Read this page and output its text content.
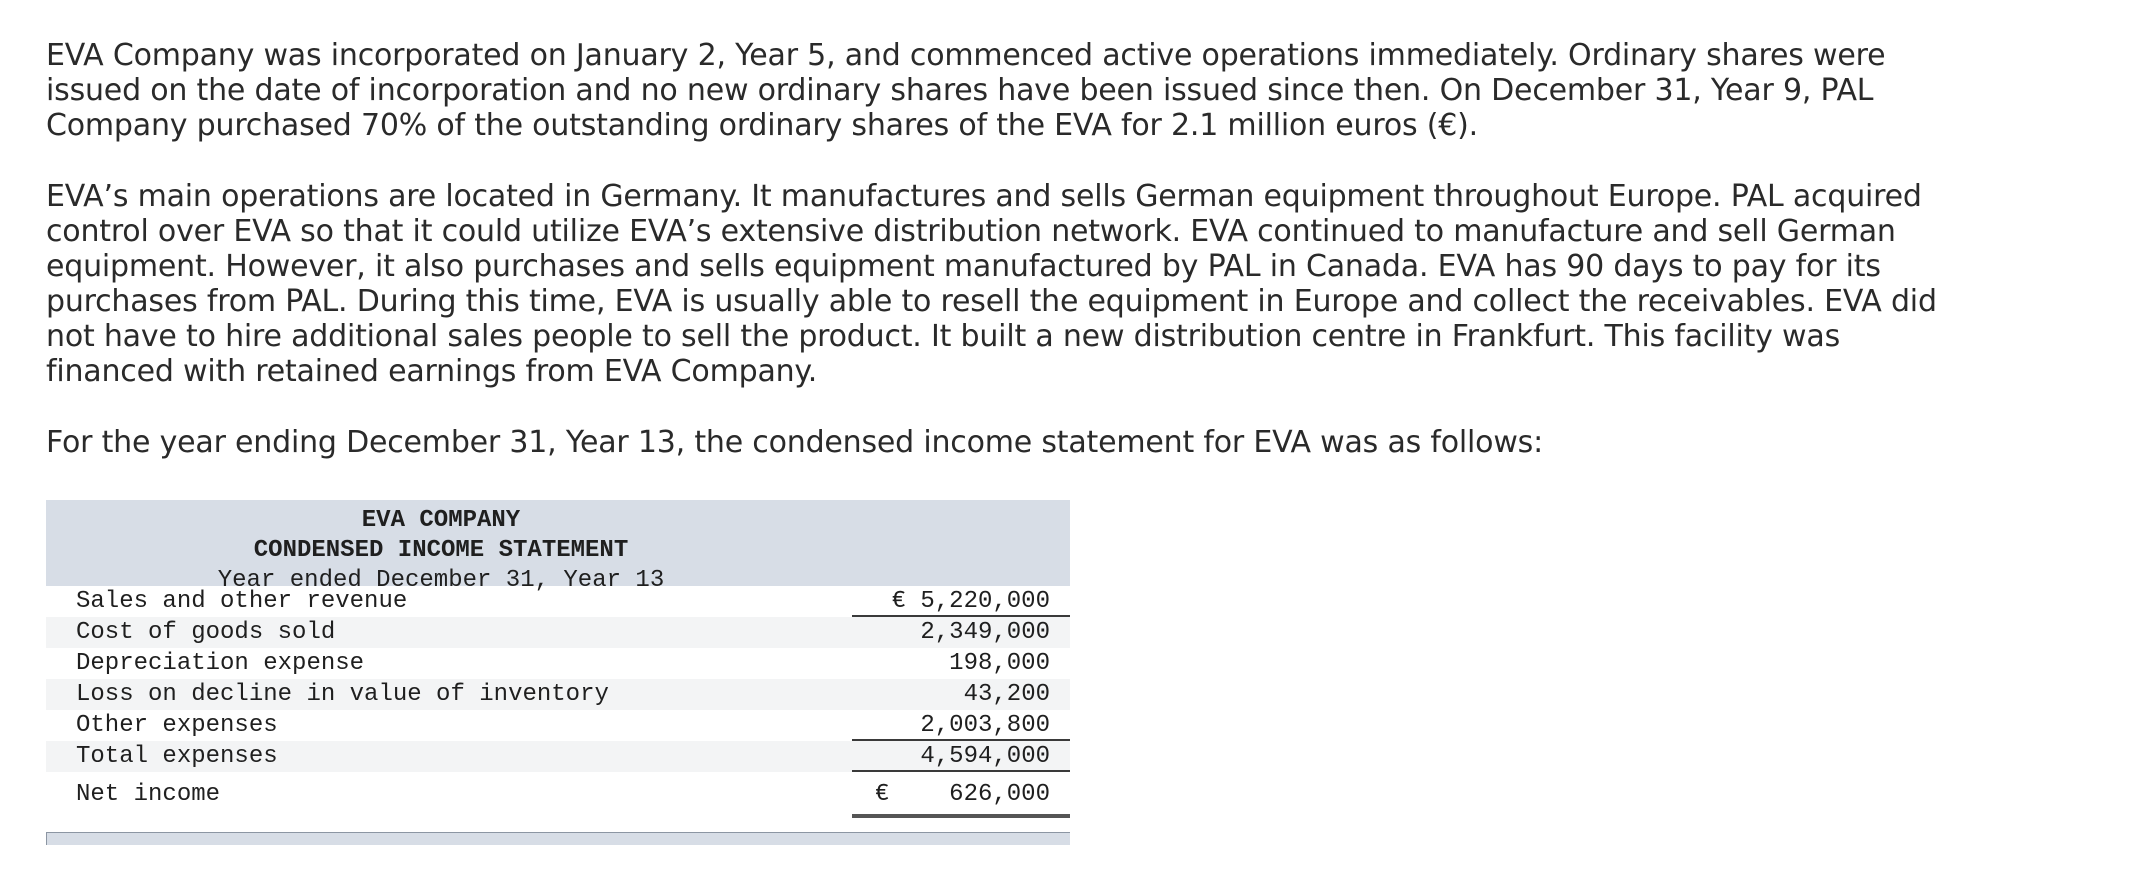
EVA Company was incorporated on January 2, Year 5, and commenced active operations immediately. Ordinary shares were issued on the date of incorporation and no new ordinary shares have been issued since then. On December 31, Year 9, PAL Company purchased 70% of the outstanding ordinary shares of the EVA for 2.1 million euros (€).

EVA’s main operations are located in Germany. It manufactures and sells German equipment throughout Europe. PAL acquired control over EVA so that it could utilize EVA’s extensive distribution network. EVA continued to manufacture and sell German equipment. However, it also purchases and sells equipment manufactured by PAL in Canada. EVA has 90 days to pay for its purchases from PAL. During this time, EVA is usually able to resell the equipment in Europe and collect the receivables. EVA did not have to hire additional sales people to sell the product. It built a new distribution centre in Frankfurt. This facility was financed with retained earnings from EVA Company.

For the year ending December 31, Year 13, the condensed income statement for EVA was as follows:

EVA COMPANY
CONDENSED INCOME STATEMENT
Year ended December 31, Year 13
Sales and other revenue	€ 5,220,000
Cost of goods sold	2,349,000
Depreciation expense	198,000
Loss on decline in value of inventory	43,200
Other expenses	2,003,800
Total expenses	4,594,000
Net income	€ 626,000
